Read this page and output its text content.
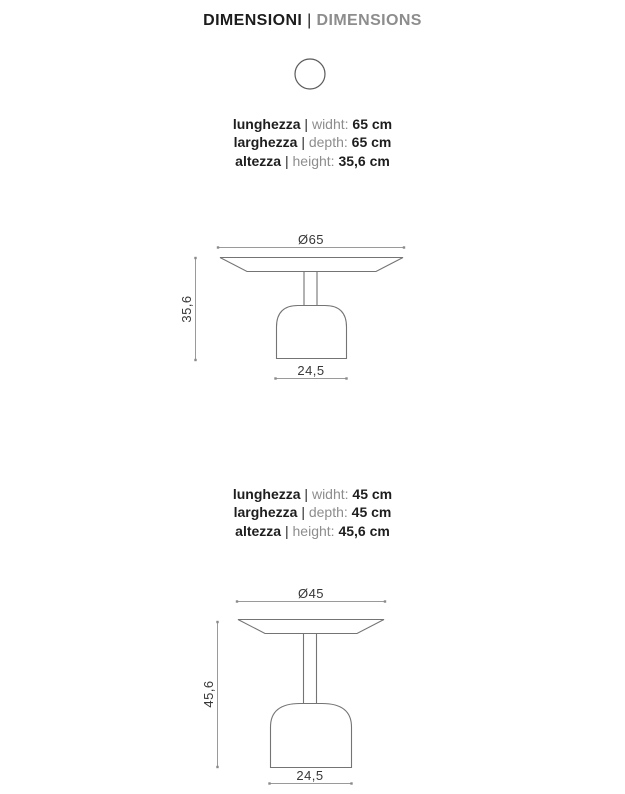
DIMENSIONI | DIMENSIONS
lunghezza | widht: 65 cm
larghezza | depth: 65 cm
altezza | height: 35,6 cm
Ø65
35,6
24,5
lunghezza | widht: 45 cm
larghezza | depth: 45 cm
altezza | height: 45,6 cm
Ø45
45,6
24,5
